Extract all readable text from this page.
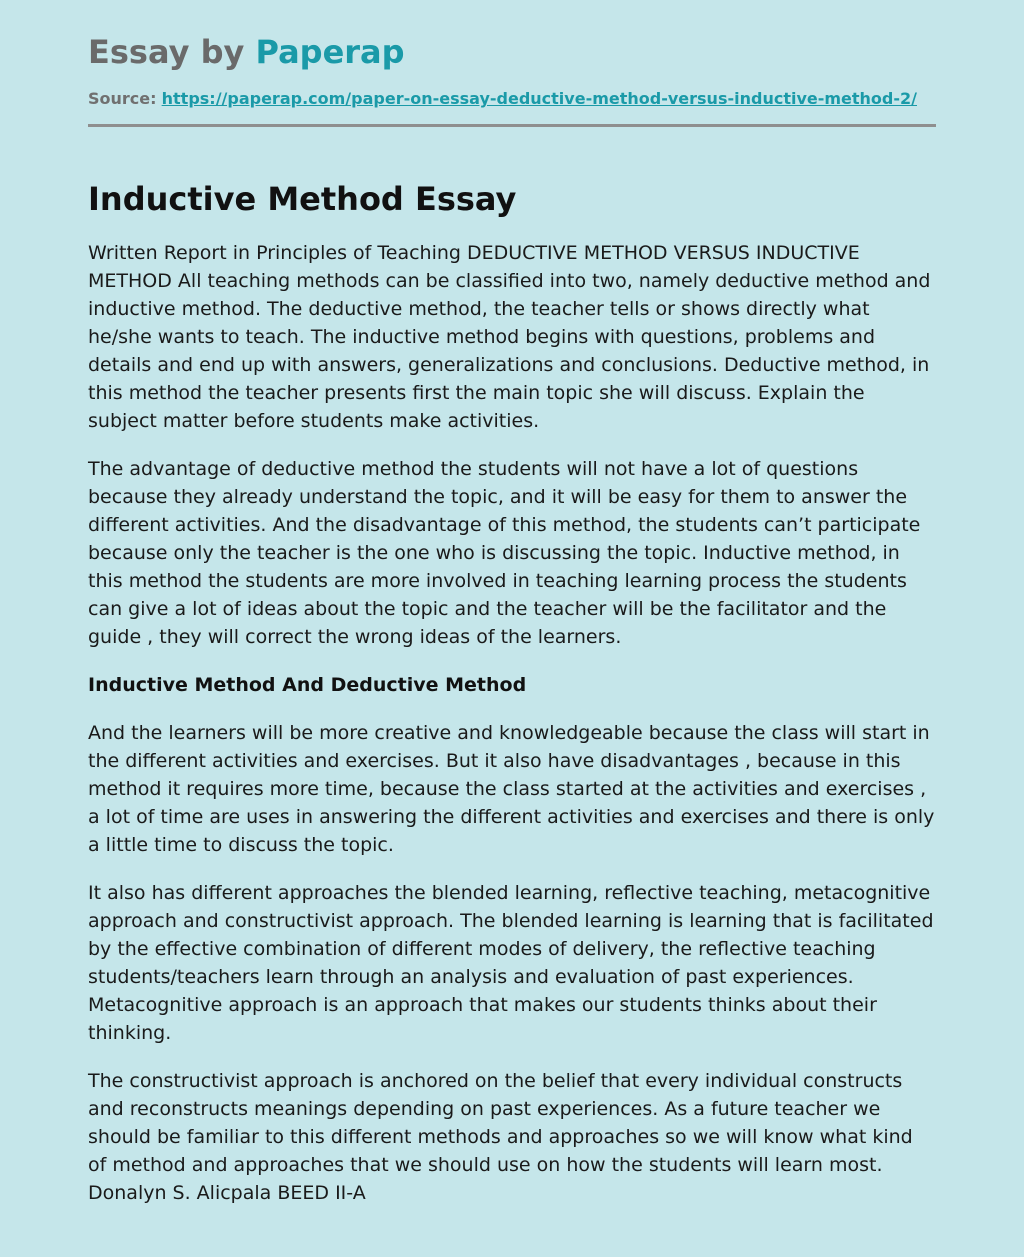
Essay by Paperap
Source: https://paperap.com/paper-on-essay-deductive-method-versus-inductive-method-2/
Inductive Method Essay

Written Report in Principles of Teaching DEDUCTIVE METHOD VERSUS INDUCTIVE METHOD All teaching methods can be classified into two, namely deductive method and inductive method. The deductive method, the teacher tells or shows directly what he/she wants to teach. The inductive method begins with questions, problems and details and end up with answers, generalizations and conclusions. Deductive method, in this method the teacher presents first the main topic she will discuss. Explain the subject matter before students make activities.

The advantage of deductive method the students will not have a lot of questions because they already understand the topic, and it will be easy for them to answer the different activities. And the disadvantage of this method, the students can’t participate because only the teacher is the one who is discussing the topic. Inductive method, in this method the students are more involved in teaching learning process the students can give a lot of ideas about the topic and the teacher will be the facilitator and the guide , they will correct the wrong ideas of the learners.

Inductive Method And Deductive Method

And the learners will be more creative and knowledgeable because the class will start in the different activities and exercises. But it also have disadvantages , because in this method it requires more time, because the class started at the activities and exercises , a lot of time are uses in answering the different activities and exercises and there is only a little time to discuss the topic.

It also has different approaches the blended learning, reflective teaching, metacognitive approach and constructivist approach. The blended learning is learning that is facilitated by the effective combination of different modes of delivery, the reflective teaching students/teachers learn through an analysis and evaluation of past experiences. Metacognitive approach is an approach that makes our students thinks about their thinking.

The constructivist approach is anchored on the belief that every individual constructs and reconstructs meanings depending on past experiences. As a future teacher we should be familiar to this different methods and approaches so we will know what kind of method and approaches that we should use on how the students will learn most. Donalyn S. Alicpala BEED II-A
